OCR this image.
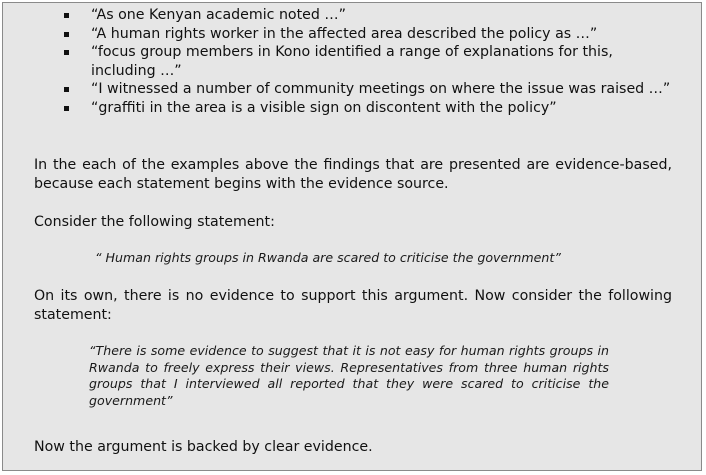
“As one Kenyan academic noted …”
“A human rights worker in the affected area described the policy as …”
“focus group members in Kono identified a range of explanations for this, including …”
“I witnessed a number of community meetings on where the issue was raised …”
“graffiti in the area is a visible sign on discontent with the policy”

In the each of the examples above the findings that are presented are evidence-based, because each statement begins with the evidence source.

Consider the following statement:

“ Human rights groups in Rwanda are scared to criticise the government”

On its own, there is no evidence to support this argument. Now consider the following statement:

“There is some evidence to suggest that it is not easy for human rights groups in Rwanda to freely express their views. Representatives from three human rights groups that I interviewed all reported that they were scared to criticise the government”

Now the argument is backed by clear evidence.
